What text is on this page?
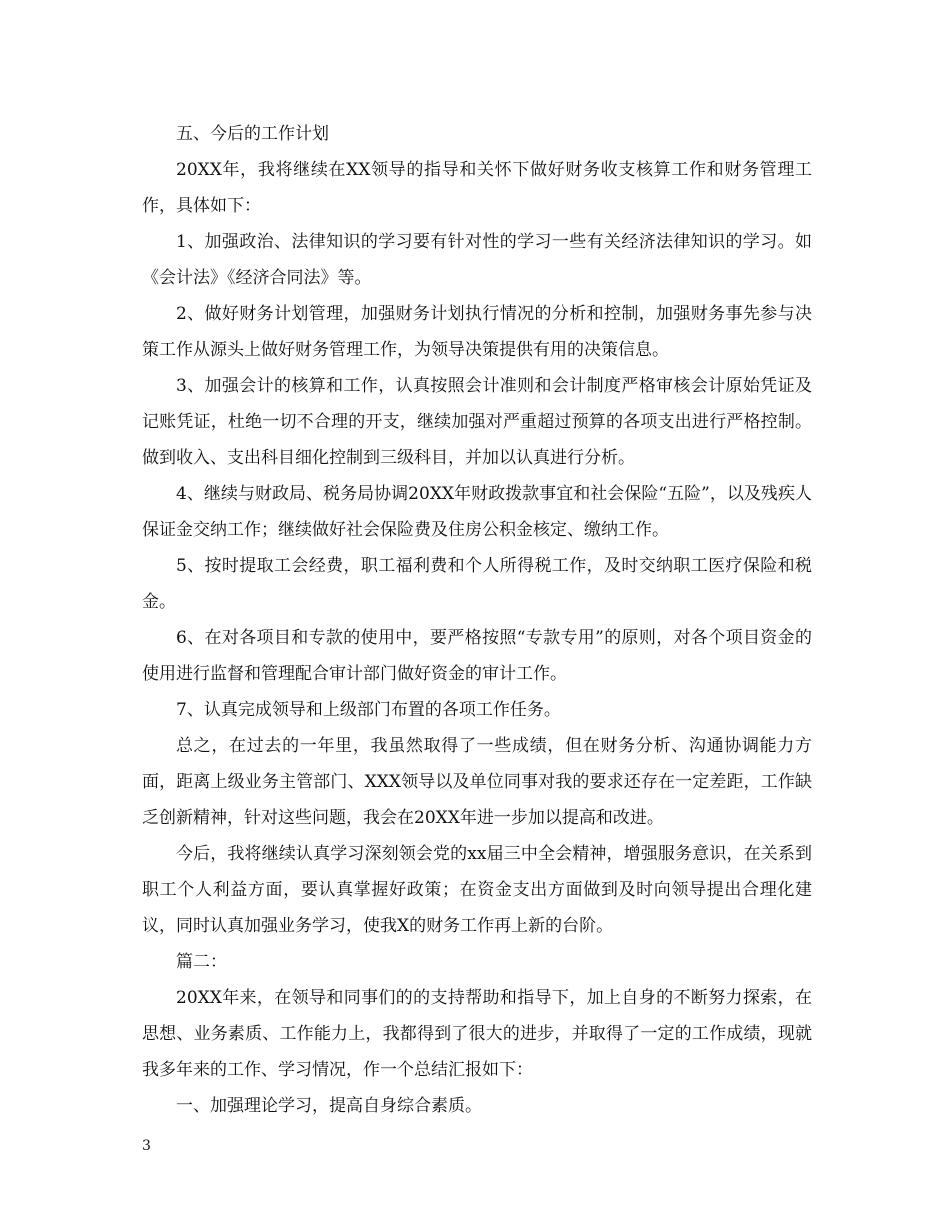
五、今后的工作计划

20XX年，我将继续在XX领导的指导和关怀下做好财务收支核算工作和财务管理工作，具体如下：

1、加强政治、法律知识的学习要有针对性的学习一些有关经济法律知识的学习。如《会计法》《经济合同法》等。

2、做好财务计划管理，加强财务计划执行情况的分析和控制，加强财务事先参与决策工作从源头上做好财务管理工作，为领导决策提供有用的决策信息。

3、加强会计的核算和工作，认真按照会计准则和会计制度严格审核会计原始凭证及记账凭证，杜绝一切不合理的开支，继续加强对严重超过预算的各项支出进行严格控制。做到收入、支出科目细化控制到三级科目，并加以认真进行分析。

4、继续与财政局、税务局协调20XX年财政拨款事宜和社会保险“五险”，以及残疾人保证金交纳工作；继续做好社会保险费及住房公积金核定、缴纳工作。

5、按时提取工会经费，职工福利费和个人所得税工作，及时交纳职工医疗保险和税金。

6、在对各项目和专款的使用中，要严格按照“专款专用”的原则，对各个项目资金的使用进行监督和管理配合审计部门做好资金的审计工作。

7、认真完成领导和上级部门布置的各项工作任务。

总之，在过去的一年里，我虽然取得了一些成绩，但在财务分析、沟通协调能力方面，距离上级业务主管部门、XXX领导以及单位同事对我的要求还存在一定差距，工作缺乏创新精神，针对这些问题，我会在20XX年进一步加以提高和改进。

今后，我将继续认真学习深刻领会党的xx届三中全会精神，增强服务意识，在关系到职工个人利益方面，要认真掌握好政策；在资金支出方面做到及时向领导提出合理化建议，同时认真加强业务学习，使我X的财务工作再上新的台阶。

篇二：

20XX年来，在领导和同事们的的支持帮助和指导下，加上自身的不断努力探索，在思想、业务素质、工作能力上，我都得到了很大的进步，并取得了一定的工作成绩，现就我多年来的工作、学习情况，作一个总结汇报如下：

一、加强理论学习，提高自身综合素质。

3
